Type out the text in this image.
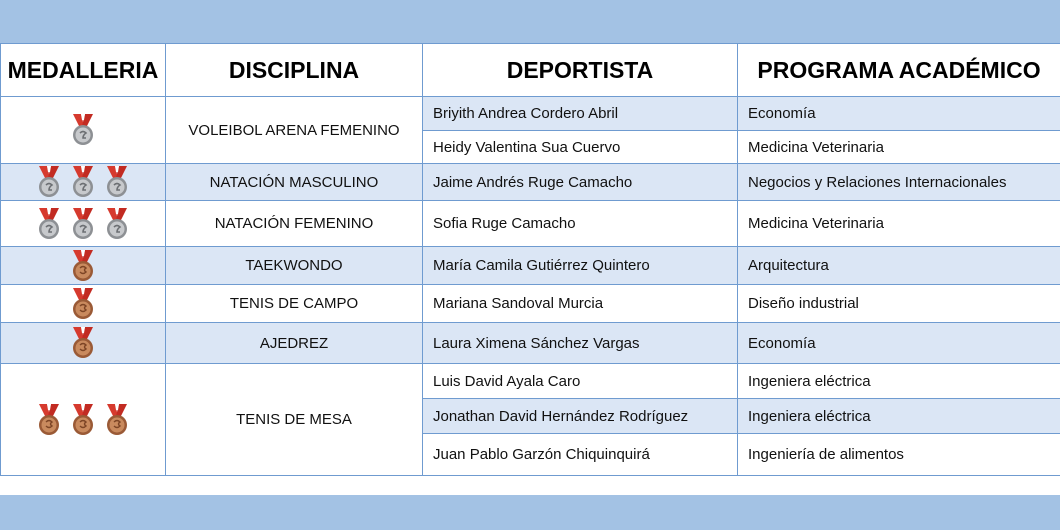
MEDALLERIA	DISCIPLINA	DEPORTISTA	PROGRAMA ACADÉMICO

	VOLEIBOL ARENA FEMENINO	Briyith Andrea Cordero Abril	Economía
		Heidy Valentina Sua Cuervo	Medicina Veterinaria

	NATACIÓN MASCULINO	Jaime Andrés Ruge Camacho	Negocios y Relaciones Internacionales

	NATACIÓN FEMENINO	Sofia Ruge Camacho	Medicina Veterinaria

	TAEKWONDO	María Camila Gutiérrez Quintero	Arquitectura

	TENIS DE CAMPO	Mariana Sandoval Murcia	Diseño industrial

	AJEDREZ	Laura Ximena Sánchez Vargas	Economía

	TENIS DE MESA	Luis David Ayala Caro	Ingeniera eléctrica
		Jonathan David Hernández Rodríguez	Ingeniera eléctrica
		Juan Pablo Garzón Chiquinquirá	Ingeniería de alimentos
